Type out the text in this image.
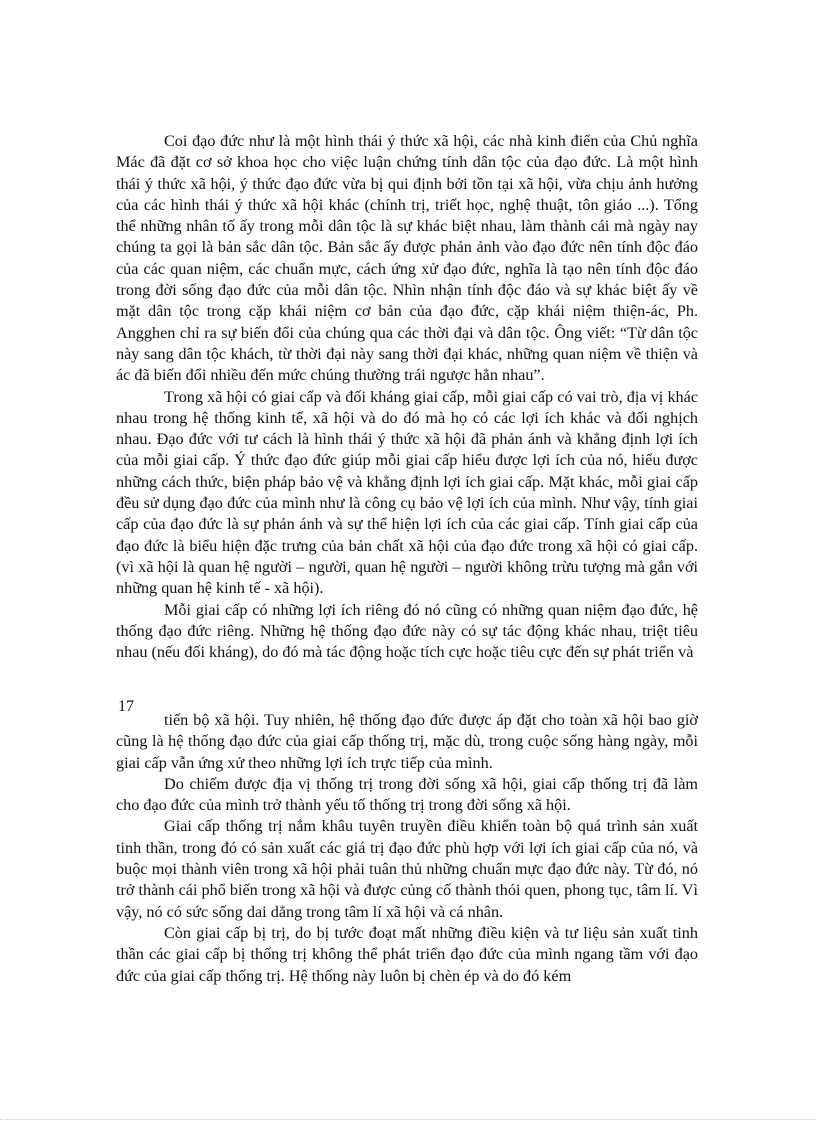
Coi đạo đức như là một hình thái ý thức xã hội, các nhà kinh điển của Chủ nghĩa Mác đã đặt cơ sở khoa học cho việc luận chứng tính dân tộc của đạo đức. Là một hình thái ý thức xã hội, ý thức đạo đức vừa bị qui định bởi tồn tại xã hội, vừa chịu ảnh hưởng của các hình thái ý thức xã hội khác (chính trị, triết học, nghệ thuật, tôn giáo ...). Tổng thể những nhân tố ấy trong mỗi dân tộc là sự khác biệt nhau, làm thành cái mà ngày nay chúng ta gọi là bản sắc dân tộc. Bản sắc ấy được phản ảnh vào đạo đức nên tính độc đáo của các quan niệm, các chuẩn mực, cách ứng xử đạo đức, nghĩa là tạo nên tính độc đáo trong đời sống đạo đức của mỗi dân tộc. Nhìn nhận tính độc đáo và sự khác biệt ấy về mặt dân tộc trong cặp khái niệm cơ bản của đạo đức, cặp khái niệm thiện-ác, Ph. Angghen chỉ ra sự biến đổi của chúng qua các thời đại và dân tộc. Ông viết: “Từ dân tộc này sang dân tộc khách, từ thời đại này sang thời đại khác, những quan niệm về thiện và ác đã biến đổi nhiều đến mức chúng thường trái ngược hẳn nhau”.

Trong xã hội có giai cấp và đối kháng giai cấp, mỗi giai cấp có vai trò, địa vị khác nhau trong hệ thống kinh tế, xã hội và do đó mà họ có các lợi ích khác và đối nghịch nhau. Đạo đức với tư cách là hình thái ý thức xã hội đã phản ánh và khẳng định lợi ích của mỗi giai cấp. Ý thức đạo đức giúp mỗi giai cấp hiểu được lợi ích của nó, hiểu được những cách thức, biện pháp bảo vệ và khẳng định lợi ích giai cấp. Mặt khác, mỗi giai cấp đều sử dụng đạo đức của mình như là công cụ bảo vệ lợi ích của mình. Như vậy, tính giai cấp của đạo đức là sự phản ánh và sự thể hiện lợi ích của các giai cấp. Tính giai cấp của đạo đức là biểu hiện đặc trưng của bản chất xã hội của đạo đức trong xã hội có giai cấp. (vì xã hội là quan hệ người – người, quan hệ người – người không trừu tượng mà gắn với những quan hệ kinh tế - xã hội).

Mỗi giai cấp có những lợi ích riêng đó nó cũng có những quan niệm đạo đức, hệ thống đạo đức riêng. Những hệ thống đạo đức này có sự tác động khác nhau, triệt tiêu nhau (nếu đối kháng), do đó mà tác động hoặc tích cực hoặc tiêu cực đến sự phát triển và

17

tiến bộ xã hội. Tuy nhiên, hệ thống đạo đức được áp đặt cho toàn xã hội bao giờ cũng là hệ thống đạo đức của giai cấp thống trị, mặc dù, trong cuộc sống hàng ngày, mỗi giai cấp vẫn ứng xử theo những lợi ích trực tiếp của mình.

Do chiếm được địa vị thống trị trong đời sống xã hội, giai cấp thống trị đã làm cho đạo đức của mình trở thành yếu tố thống trị trong đời sống xã hội.

Giai cấp thống trị nắm khâu tuyên truyền điều khiển toàn bộ quá trình sản xuất tinh thần, trong đó có sản xuất các giá trị đạo đức phù hợp với lợi ích giai cấp của nó, và buộc mọi thành viên trong xã hội phải tuân thủ những chuẩn mực đạo đức này. Từ đó, nó trở thành cái phổ biến trong xã hội và được củng cố thành thói quen, phong tục, tâm lí. Vì vậy, nó có sức sống dai dẳng trong tâm lí xã hội và cá nhân.

Còn giai cấp bị trị, do bị tước đoạt mất những điều kiện và tư liệu sản xuất tinh thần các giai cấp bị thống trị không thể phát triển đạo đức của mình ngang tầm với đạo đức của giai cấp thống trị. Hệ thống này luôn bị chèn ép và do đó kém
